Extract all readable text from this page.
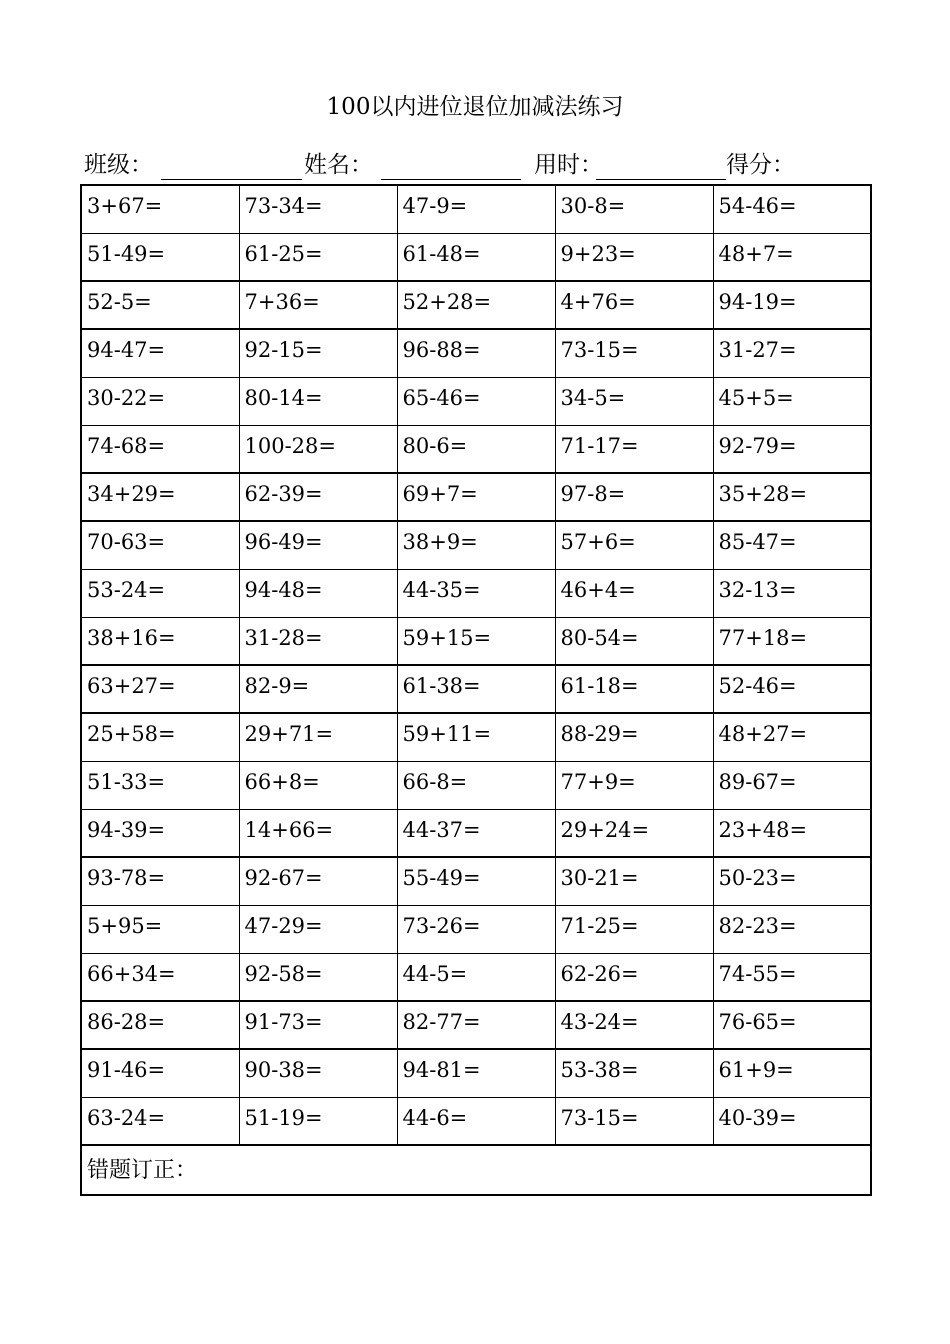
100以内进位退位加减法练习
班级：	姓名：	用时：	得分：
3+67=	73-34=	47-9=	30-8=	54-46=

51-49=	61-25=	61-48=	9+23=	48+7=

52-5=	7+36=	52+28=	4+76=	94-19=

94-47=	92-15=	96-88=	73-15=	31-27=

30-22=	80-14=	65-46=	34-5=	45+5=

74-68=	100-28=	80-6=	71-17=	92-79=

34+29=	62-39=	69+7=	97-8=	35+28=

70-63=	96-49=	38+9=	57+6=	85-47=

53-24=	94-48=	44-35=	46+4=	32-13=

38+16=	31-28=	59+15=	80-54=	77+18=

63+27=	82-9=	61-38=	61-18=	52-46=

25+58=	29+71=	59+11=	88-29=	48+27=

51-33=	66+8=	66-8=	77+9=	89-67=

94-39=	14+66=	44-37=	29+24=	23+48=

93-78=	92-67=	55-49=	30-21=	50-23=

5+95=	47-29=	73-26=	71-25=	82-23=

66+34=	92-58=	44-5=	62-26=	74-55=

86-28=	91-73=	82-77=	43-24=	76-65=

91-46=	90-38=	94-81=	53-38=	61+9=

63-24=	51-19=	44-6=	73-15=	40-39=

错题订正：				
